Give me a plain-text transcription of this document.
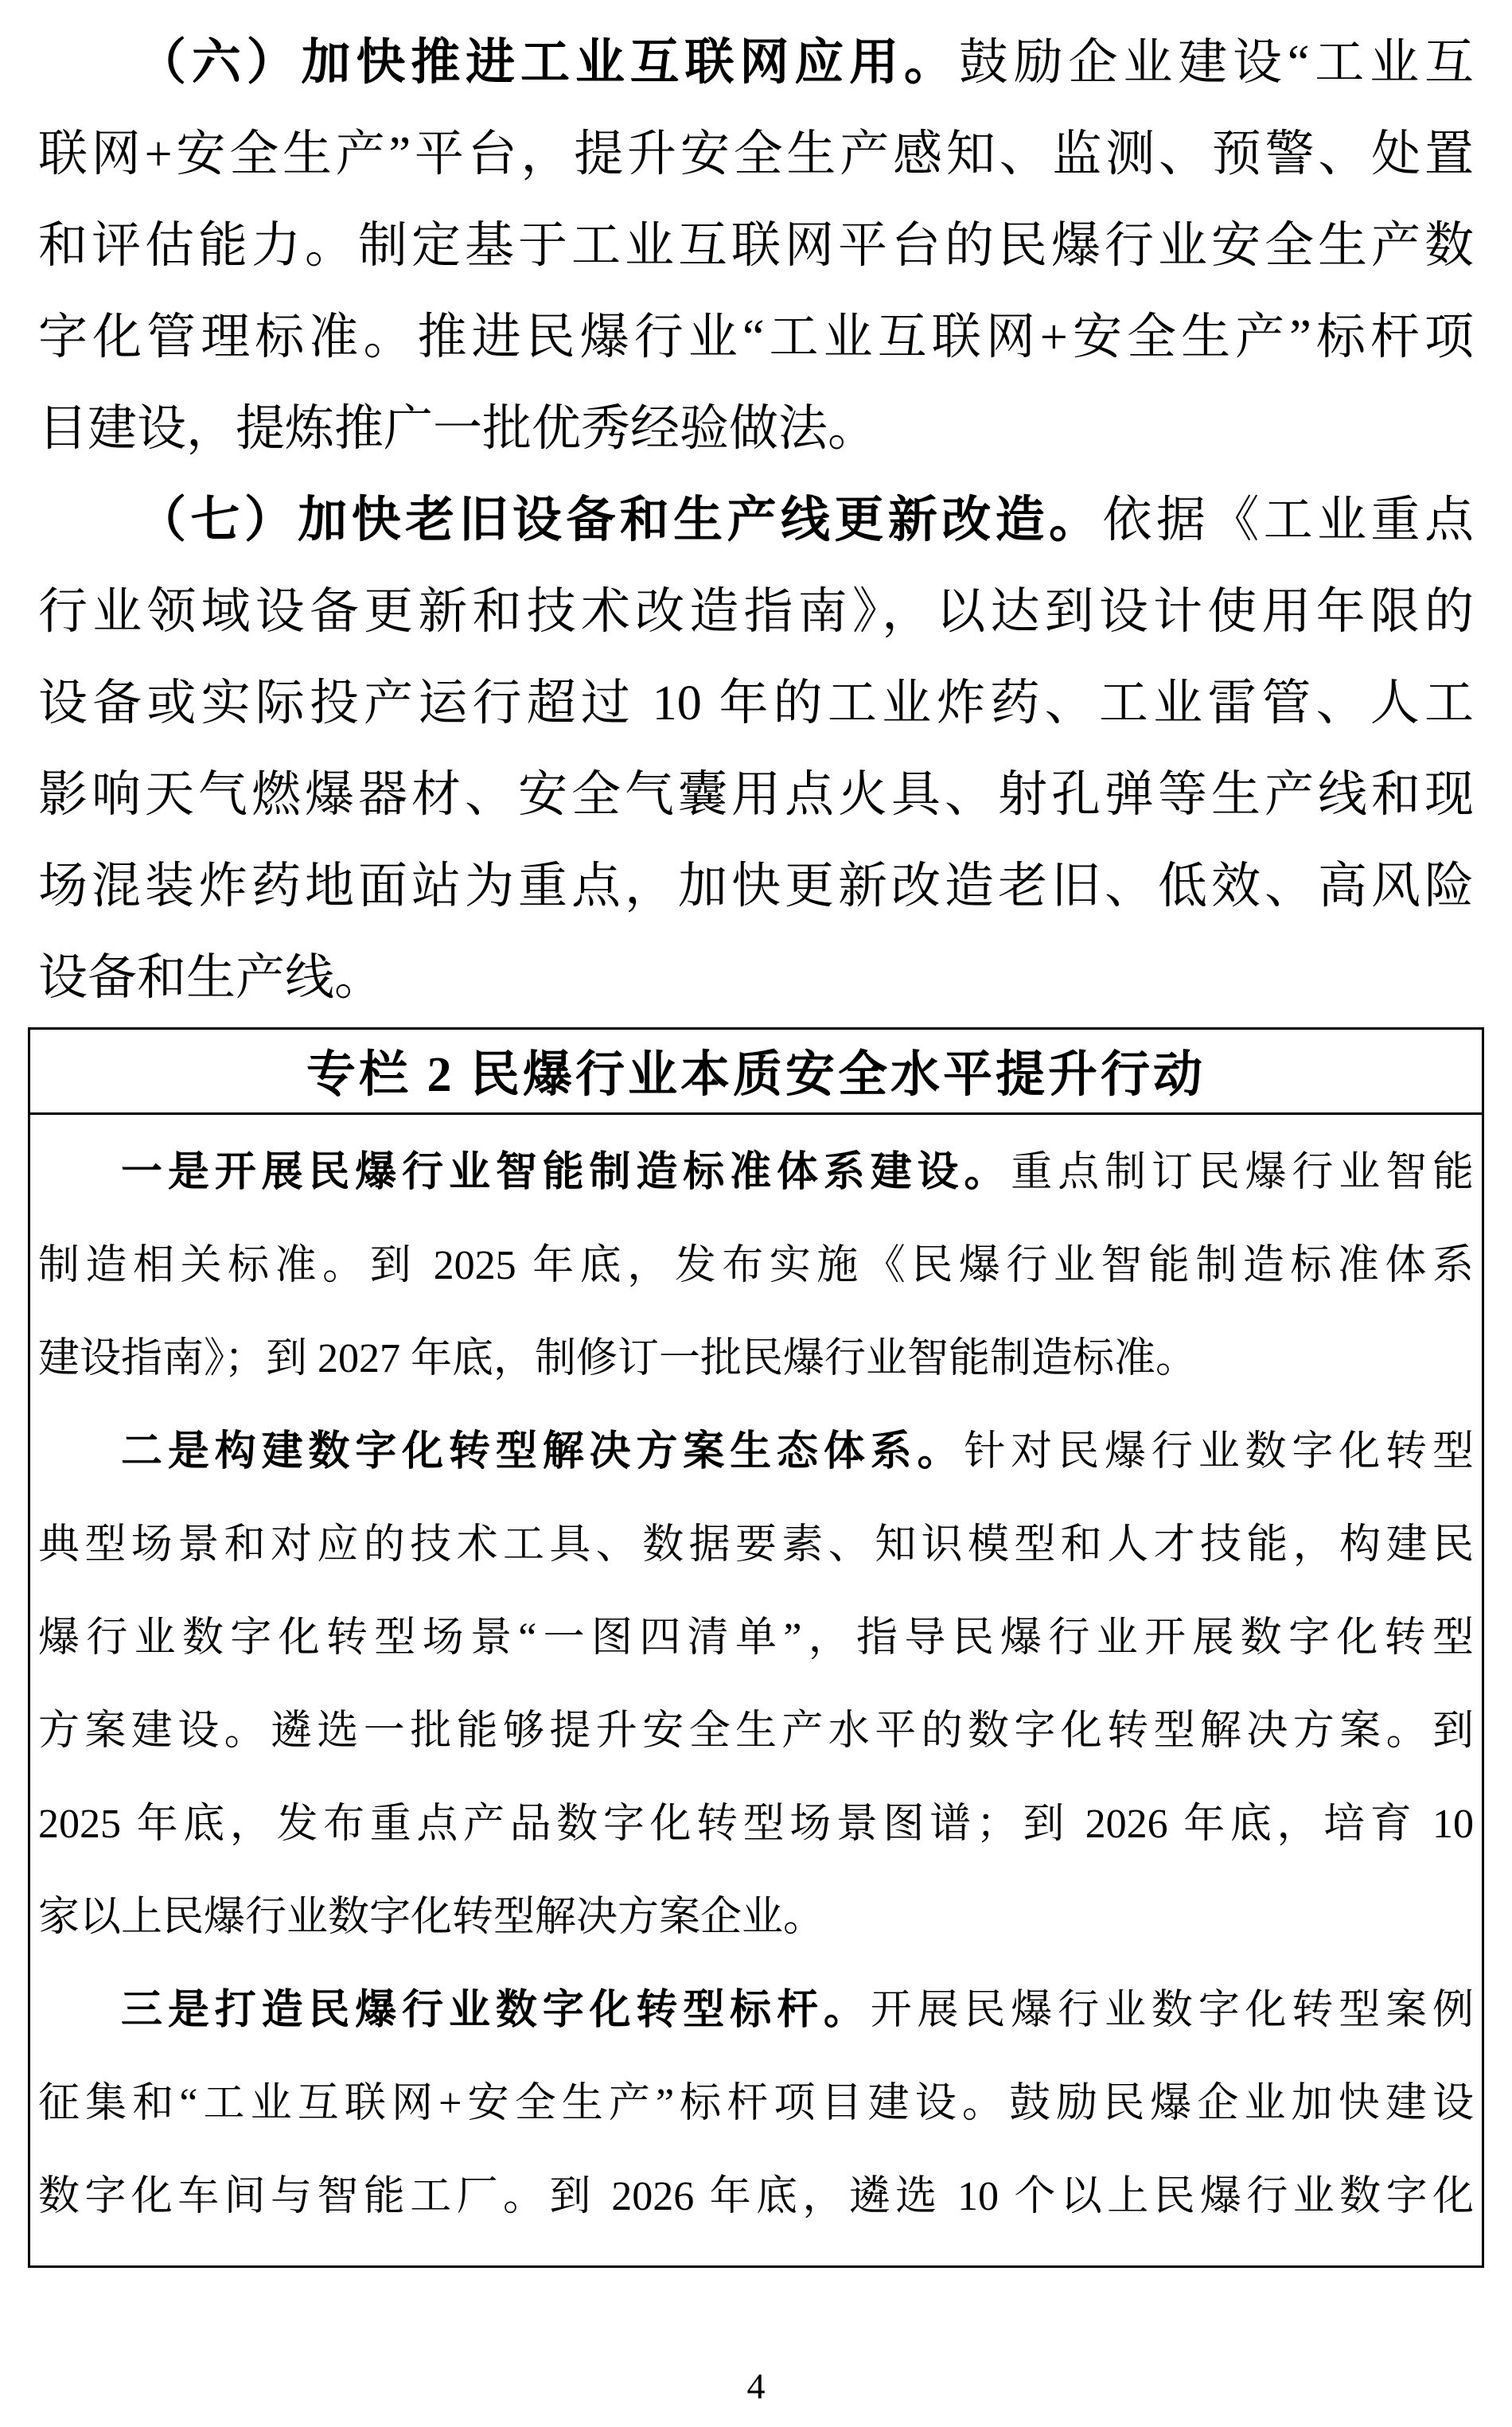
（六）加快推进工业互联网应用。鼓励企业建设“工业互
联网+安全生产”平台，提升安全生产感知、监测、预警、处置
和评估能力。制定基于工业互联网平台的民爆行业安全生产数
字化管理标准。推进民爆行业“工业互联网+安全生产”标杆项
目建设，提炼推广一批优秀经验做法。
（七）加快老旧设备和生产线更新改造。依据《工业重点
行业领域设备更新和技术改造指南》，以达到设计使用年限的
设备或实际投产运行超过 10 年的工业炸药、工业雷管、人工
影响天气燃爆器材、安全气囊用点火具、射孔弹等生产线和现
场混装炸药地面站为重点，加快更新改造老旧、低效、高风险
设备和生产线。
专栏 2 民爆行业本质安全水平提升行动
一是开展民爆行业智能制造标准体系建设。重点制订民爆行业智能
制造相关标准。到 2025 年底，发布实施《民爆行业智能制造标准体系
建设指南》；到 2027 年底，制修订一批民爆行业智能制造标准。
二是构建数字化转型解决方案生态体系。针对民爆行业数字化转型
典型场景和对应的技术工具、数据要素、知识模型和人才技能，构建民
爆行业数字化转型场景“一图四清单”，指导民爆行业开展数字化转型
方案建设。遴选一批能够提升安全生产水平的数字化转型解决方案。到
2025 年底，发布重点产品数字化转型场景图谱；到 2026 年底，培育 10
家以上民爆行业数字化转型解决方案企业。
三是打造民爆行业数字化转型标杆。开展民爆行业数字化转型案例
征集和“工业互联网+安全生产”标杆项目建设。鼓励民爆企业加快建设
数字化车间与智能工厂。到 2026 年底，遴选 10 个以上民爆行业数字化
4
